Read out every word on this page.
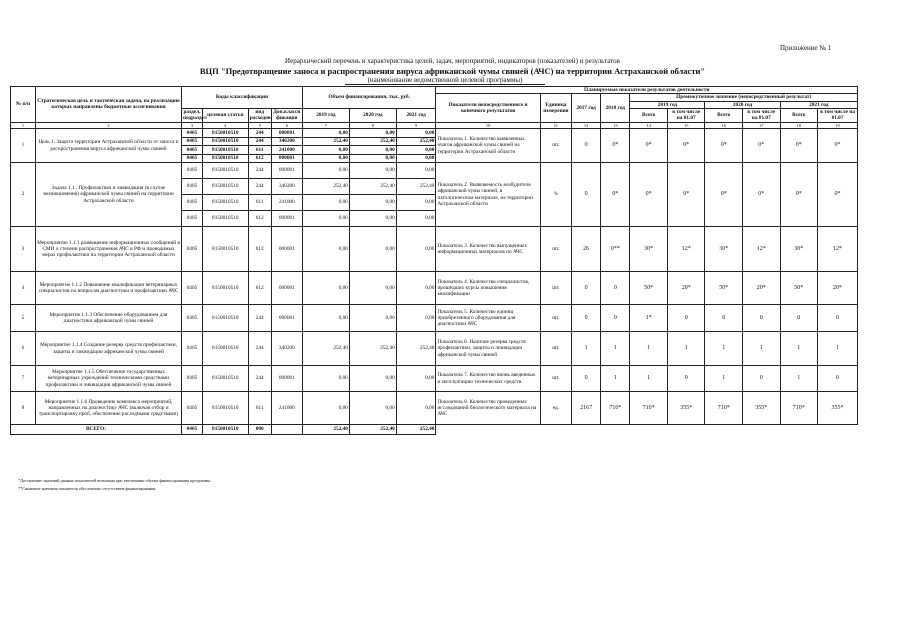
Приложение № 1
Иерархический перечень и характеристика целей, задач, мероприятий, индикаторов (показателей) и результатов
ВЦП "Предотвращение заноса и распространения вируса африканской чумы свиней (АЧС) на территории Астраханской области"
(наименование ведомственной целевой программы)
№ п/п	Стратегическая цель и тактическая задача, на реализацию которых направлены бюджетные ассигнования	Коды классификации				Объем финансирования, тыс. руб.			Планируемые показатели результатов деятельности									
									Показатели непосредственного и конечного результатов	Единица измерения	2017 год	2018 год	Промежуточное значение (непосредственный результат)					
													2019 год		2020 год		2021 год	
		раздел, подраздел	целевая статья	вид расходов	Доп.класси фикация	2019 год	2020 год	2021 год					Всего	в том числе на 01.07	Всего	в том числе на 01.07	Всего	в том числе на 01.07
1	2	3	4	5	6	7	8	9	10	11	12	13	14	15	16	17	18	19
1	Цель 1. Защита территории Астраханской области от заноса и распространения вируса африканской чумы свиней	0405	8150010510	244	000001	0,00	0,00	0,00	Показатель 1. Количество выявленных очагов африканской чумы свиней на территории Астраханской области	шт.	0	0*	0*	0*	0*	0*	0*	0*
		0405	8150010510	244	340200	252,40	252,40	252,40										
		0405	8150010510	611	241000	0,00	0,00	0,00										
		0405	8150010510	612	000001	0,00	0,00	0,00										
2	Задача 1.1 . Профилактика и ликвидация (в случае возникновения) африканской чумы свиней на территории Астраханской области	0405	8150010510	244	000001	0,00	0,00	0,00	Показатель 2. Выявляемость возбудителя африканской чумы свиней, в патологическом материале, на территории Астраханской области	%	0	0*	0*	0*	0*	0*	0*	0*
		0405	8150010510	244	340200	252,40	252,40	252,40										
		0405	8150010510	611	241000	0,00	0,00	0,00										
		0405	8150010510	612	000001	0,00	0,00	0,00										
3	Мероприятие 1.1.1 размещение информационных сообщений в СМИ о степени распространения АЧС в РФ и проводимых мерах профилактики на территории Астраханской области	0405	8150010510	612	000001	0,00	0,00	0,00	Показатель 3. Количество выпущенных информационных материалов по АЧС	шт.	26	0**	30*	12*	30*	12*	30*	12*
4	Мероприятие 1.1.2 Повышение квалификации ветеринарных специалистов по вопросам диагностики и профилактики АЧС	0405	8150010510	612	000001	0,00	0,00	0,00	Показатель 4. Количество специалистов, прошедших курсы повышения квалификации	шт.	0	0	50*	20*	50*	20*	50*	20*
5	Мероприятие 1.1.3 Обеспечение оборудованием для диагностики африканской чумы свиней	0405	8150010510	244	000001	0,00	0,00	0,00	Показатель 5. Количество единиц приобретенного оборудования для диагностики АЧС	шт.	0	0	1*	0	0	0	0	0
6	Мероприятие 1.1.4 Создание резерва средств профилактики, защиты и ликвидации африканской чумы свиней	0405	8150010510	244	340200	252,40	252,40	252,40	Показатель 6. Наличие резерва средств профилактики, защиты и ликвидации африканской чумы свиней	шт.	1	1	1	1	1	1	1	1
7	Мероприятие 1.1.5 Обеспечение государственных ветеринарных учреждений техническими средствами профилактики и ликвидации африканской чумы свиней	0405	8150010510	244	000001	0,00	0,00	0,00	Показатель 7. Количество вновь введенных в эксплуатацию технических средств	шт.	0	1	1	0	1	0	1	0
8	Мероприятие 1.1.6 Проведение комплекса мероприятий, направленных на диагностику АЧС (включая отбор и транспортировку проб, обеспечение расходными средствами)	0405	8150010510	611	241000	0,00	0,00	0,00	Показатель 8. Количество проведенных исследований биологического материала на АЧС	ед.	2167	710*	710*	355*	710*	355*	710*	355*
ВСЕГО:		0405	8150010510	000		252,40	252,40	252,40										
*Достижение значений данных показателей возможно при увеличении объема финансирования программы.
**Снижение значения показателя обусловлено отсутствием финансирования.
